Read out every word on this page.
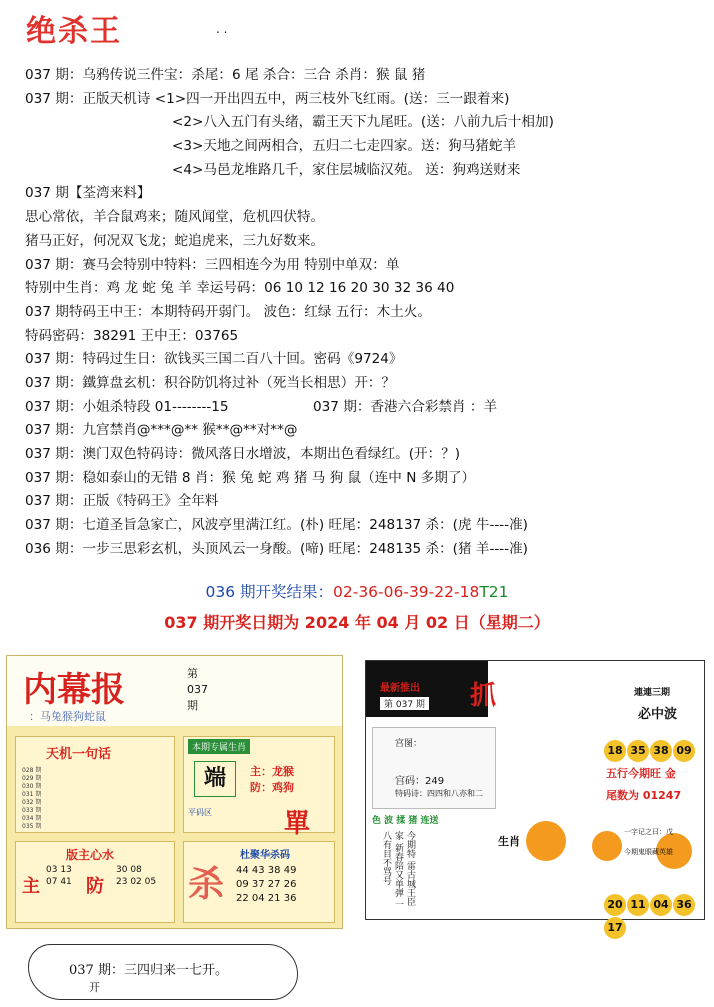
绝杀王	. .
037 期：乌鸦传说三件宝：杀尾：6 尾 杀合：三合 杀肖：猴 鼠 猪
037 期：正版天机诗 <1>四一开出四五中，两三枝外飞红雨。(送：三一跟着来)
<2>八入五门有头绪，霸王天下九尾旺。(送：八前九后十相加)
<3>天地之间两相合，五归二七走四家。送：狗马猪蛇羊
<4>马邑龙堆路几千，家住层城临汉苑。 送：狗鸡送财来
037 期【荃湾来料】
思心常依，羊合鼠鸡来；随风闻堂，危机四伏特。
猪马正好，何况双飞龙；蛇追虎来，三九好数来。
037 期：赛马会特别中特料：三四相连今为用 特别中单双：单
特别中生肖：鸡 龙 蛇 兔 羊 幸运号码：06 10 12 16 20 30 32 36 40
037 期特码王中王：本期特码开弱门。 波色：红绿 五行：木土火。
特码密码：38291 王中王：03765
037 期：特码过生日：欲钱买三国二百八十回。密码《9724》
037 期：鐵算盘玄机：积谷防饥将过补（死当长相思）开：？
037 期：小姐杀特段 01--------15	037 期：香港六合彩禁肖 ：羊
037 期：九宫禁肖@***@** 猴**@**对**@
037 期：澳门双色特码诗：微风落日水增波，本期出色看绿红。(开：？)
037 期：稳如泰山的无错 8 肖：猴 兔 蛇 鸡 猪 马 狗 鼠（连中 N 多期了）
037 期：正版《特码王》全年料
037 期：七道圣旨急家亡，风波亭里满江红。(朴) 旺尾：248137 杀：(虎 牛----准)
036 期：一步三思彩玄机，头顶风云一身酸。(啼) 旺尾：248135 杀：(猪 羊----准)
036 期开奖结果：02-36-06-39-22-18T21
037 期开奖日期为 2024 年 04 月 02 日（星期二）
内幕报
：马兔猴狗蛇鼠
第 037 期
天机一句话
028 期
029 期
030 期
031 期
032 期
033 期
034 期
035 期
版主心水
主
03 13
07 41 防
30 08
23 02 05
本期专属生肖
端	主：龙猴
防：鸡狗
平码区	單
杀
杜聚华杀码
44 43 38 49
09 37 27 26
22 04 21 36
最新推出
第 037 期 抓	連連三期
必中波
宫图：
宫码：249
特码诗：四四和八亦和二
18 35 38 09
五行今期旺 金
尾数为 01247
色 波 揉 猪 连送
今期特 雷古城王臣家 新春陪又单弹 一八有目不骂号	生肖
一字记之曰：戊
今期鬼眼藏英雄
20 11 04 3617
037 期：三四归来一七开。
开
